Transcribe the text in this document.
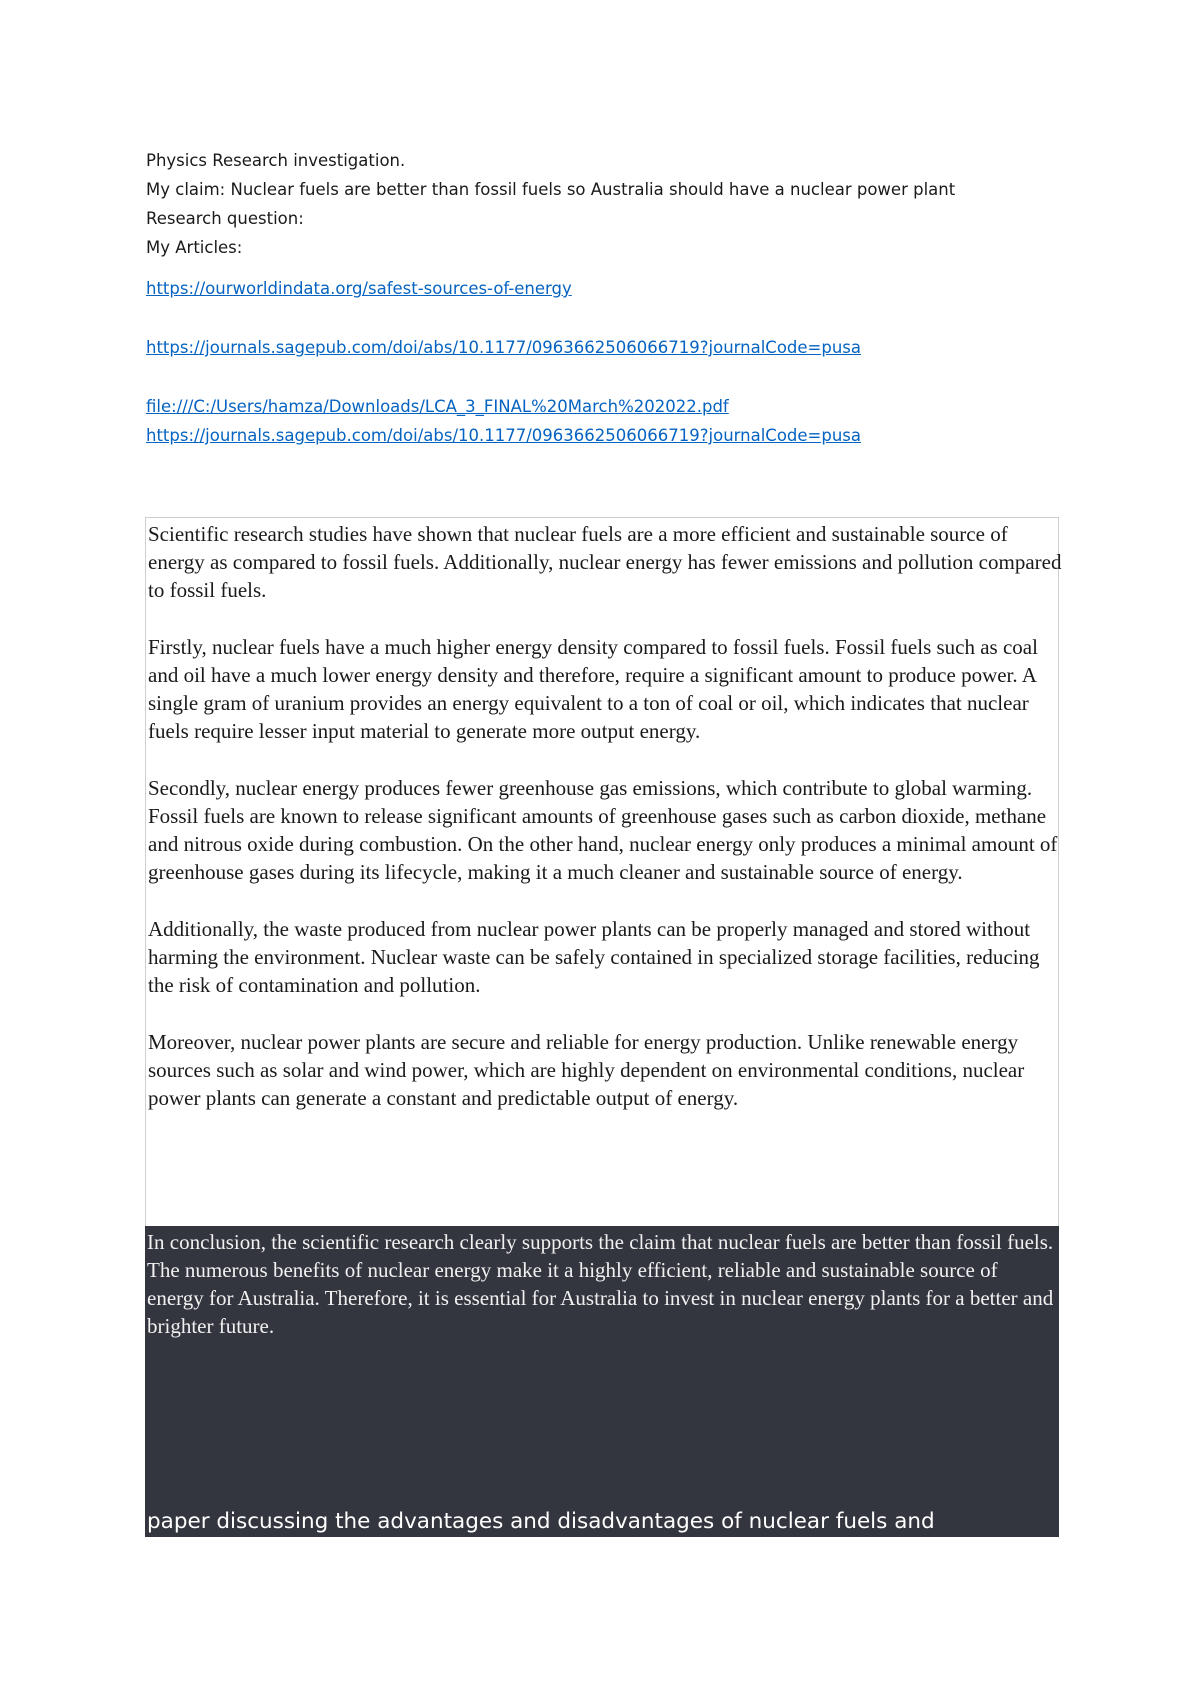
Physics Research investigation.
My claim: Nuclear fuels are better than fossil fuels so Australia should have a nuclear power plant
Research question:
My Articles:
https://ourworldindata.org/safest-sources-of-energy
https://journals.sagepub.com/doi/abs/10.1177/0963662506066719?journalCode=pusa
file:///C:/Users/hamza/Downloads/LCA_3_FINAL%20March%202022.pdf
https://journals.sagepub.com/doi/abs/10.1177/0963662506066719?journalCode=pusa

Scientific research studies have shown that nuclear fuels are a more efficient and sustainable source of energy as compared to fossil fuels. Additionally, nuclear energy has fewer emissions and pollution compared to fossil fuels.

Firstly, nuclear fuels have a much higher energy density compared to fossil fuels. Fossil fuels such as coal and oil have a much lower energy density and therefore, require a significant amount to produce power. A single gram of uranium provides an energy equivalent to a ton of coal or oil, which indicates that nuclear fuels require lesser input material to generate more output energy.

Secondly, nuclear energy produces fewer greenhouse gas emissions, which contribute to global warming. Fossil fuels are known to release significant amounts of greenhouse gases such as carbon dioxide, methane and nitrous oxide during combustion. On the other hand, nuclear energy only produces a minimal amount of greenhouse gases during its lifecycle, making it a much cleaner and sustainable source of energy.

Additionally, the waste produced from nuclear power plants can be properly managed and stored without harming the environment. Nuclear waste can be safely contained in specialized storage facilities, reducing the risk of contamination and pollution.

Moreover, nuclear power plants are secure and reliable for energy production. Unlike renewable energy sources such as solar and wind power, which are highly dependent on environmental conditions, nuclear power plants can generate a constant and predictable output of energy.

In conclusion, the scientific research clearly supports the claim that nuclear fuels are better than fossil fuels. The numerous benefits of nuclear energy make it a highly efficient, reliable and sustainable source of energy for Australia. Therefore, it is essential for Australia to invest in nuclear energy plants for a better and brighter future.

paper discussing the advantages and disadvantages of nuclear fuels and
